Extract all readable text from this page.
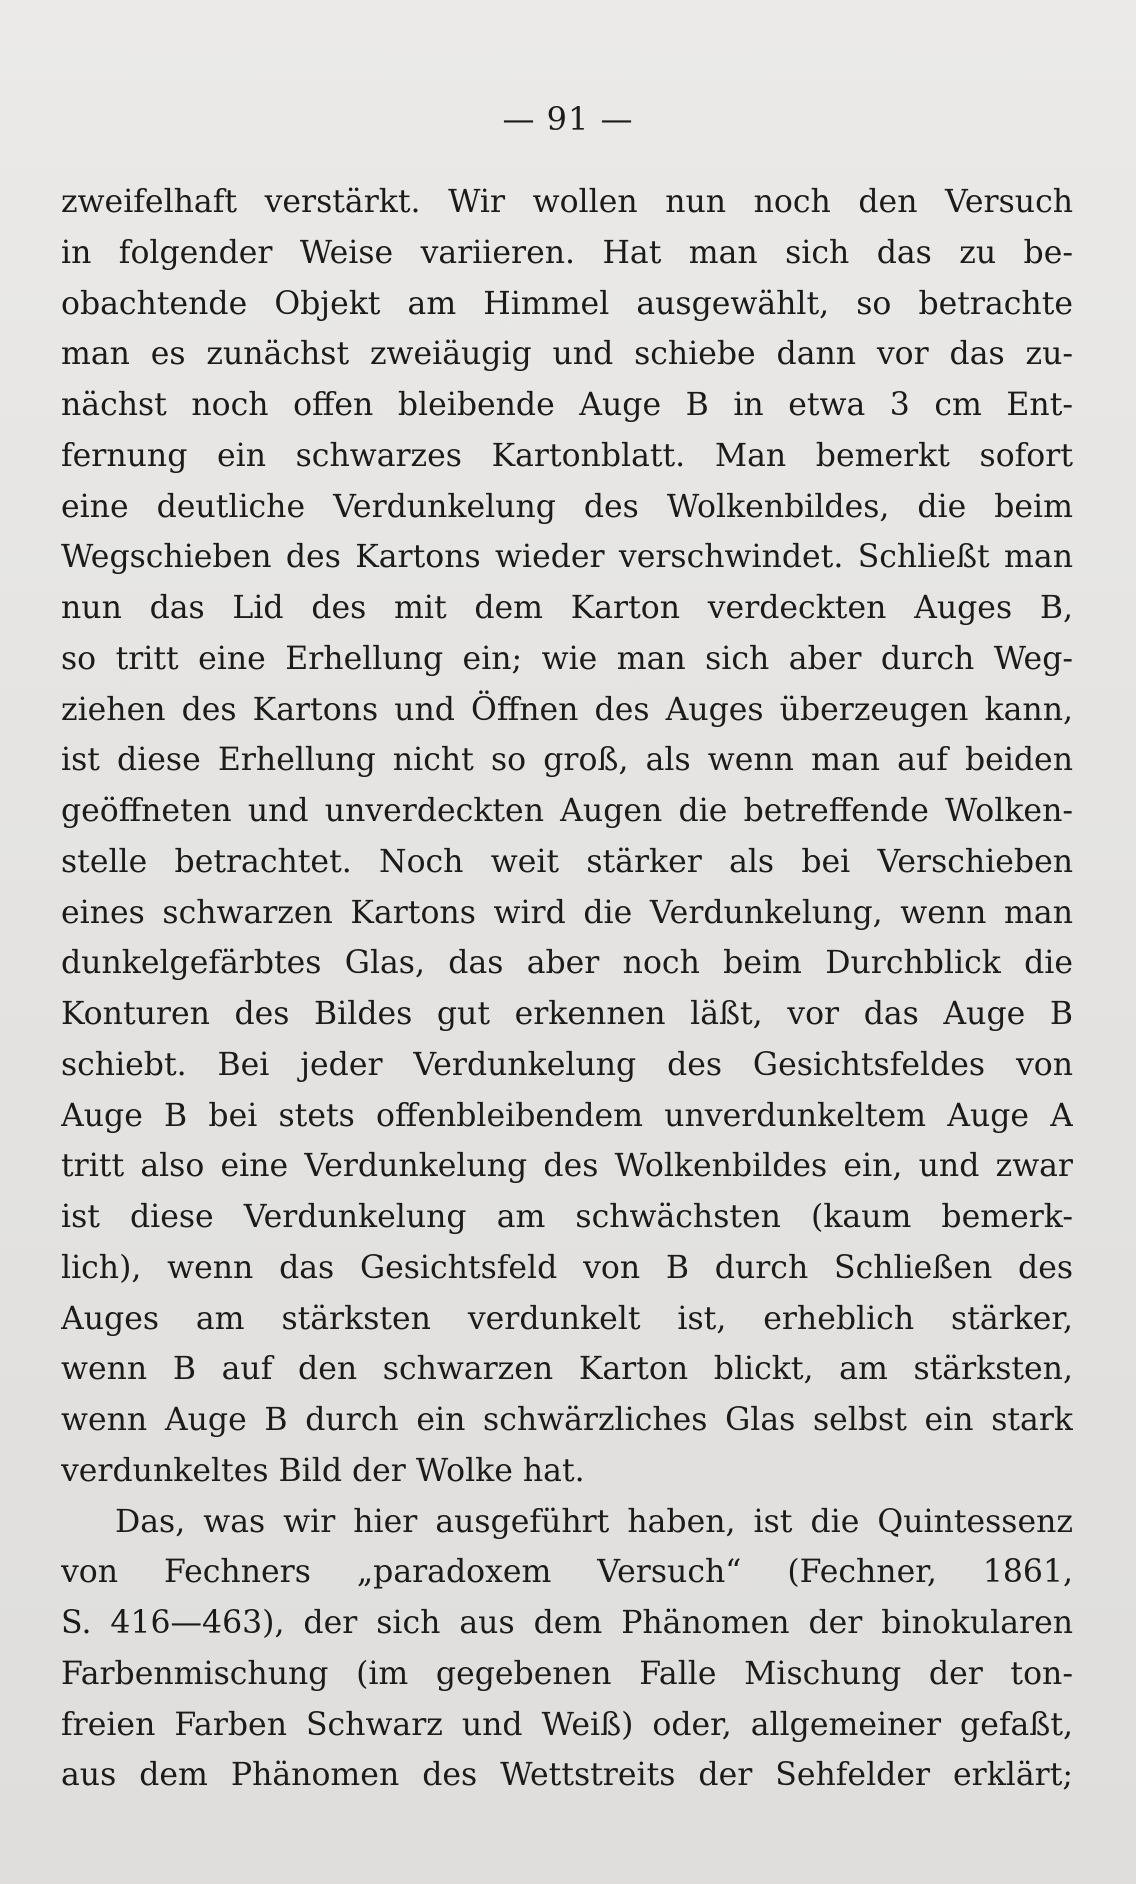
— 91 —

zweifelhaft verstärkt. Wir wollen nun noch den Versuch
in folgender Weise variieren. Hat man sich das zu be-
obachtende Objekt am Himmel ausgewählt, so betrachte
man es zunächst zweiäugig und schiebe dann vor das zu-
nächst noch offen bleibende Auge B in etwa 3 cm Ent-
fernung ein schwarzes Kartonblatt. Man bemerkt sofort
eine deutliche Verdunkelung des Wolkenbildes, die beim
Wegschieben des Kartons wieder verschwindet. Schließt man
nun das Lid des mit dem Karton verdeckten Auges B,
so tritt eine Erhellung ein; wie man sich aber durch Weg-
ziehen des Kartons und Öffnen des Auges überzeugen kann,
ist diese Erhellung nicht so groß, als wenn man auf beiden
geöffneten und unverdeckten Augen die betreffende Wolken-
stelle betrachtet. Noch weit stärker als bei Verschieben
eines schwarzen Kartons wird die Verdunkelung, wenn man
dunkelgefärbtes Glas, das aber noch beim Durchblick die
Konturen des Bildes gut erkennen läßt, vor das Auge B
schiebt. Bei jeder Verdunkelung des Gesichtsfeldes von
Auge B bei stets offenbleibendem unverdunkeltem Auge A
tritt also eine Verdunkelung des Wolkenbildes ein, und zwar
ist diese Verdunkelung am schwächsten (kaum bemerk-
lich), wenn das Gesichtsfeld von B durch Schließen des
Auges am stärksten verdunkelt ist, erheblich stärker,
wenn B auf den schwarzen Karton blickt, am stärksten,
wenn Auge B durch ein schwärzliches Glas selbst ein stark
verdunkeltes Bild der Wolke hat.
Das, was wir hier ausgeführt haben, ist die Quintessenz
von Fechners „paradoxem Versuch“ (Fechner, 1861,
S. 416—463), der sich aus dem Phänomen der binokularen
Farbenmischung (im gegebenen Falle Mischung der ton-
freien Farben Schwarz und Weiß) oder, allgemeiner gefaßt,
aus dem Phänomen des Wettstreits der Sehfelder erklärt;
